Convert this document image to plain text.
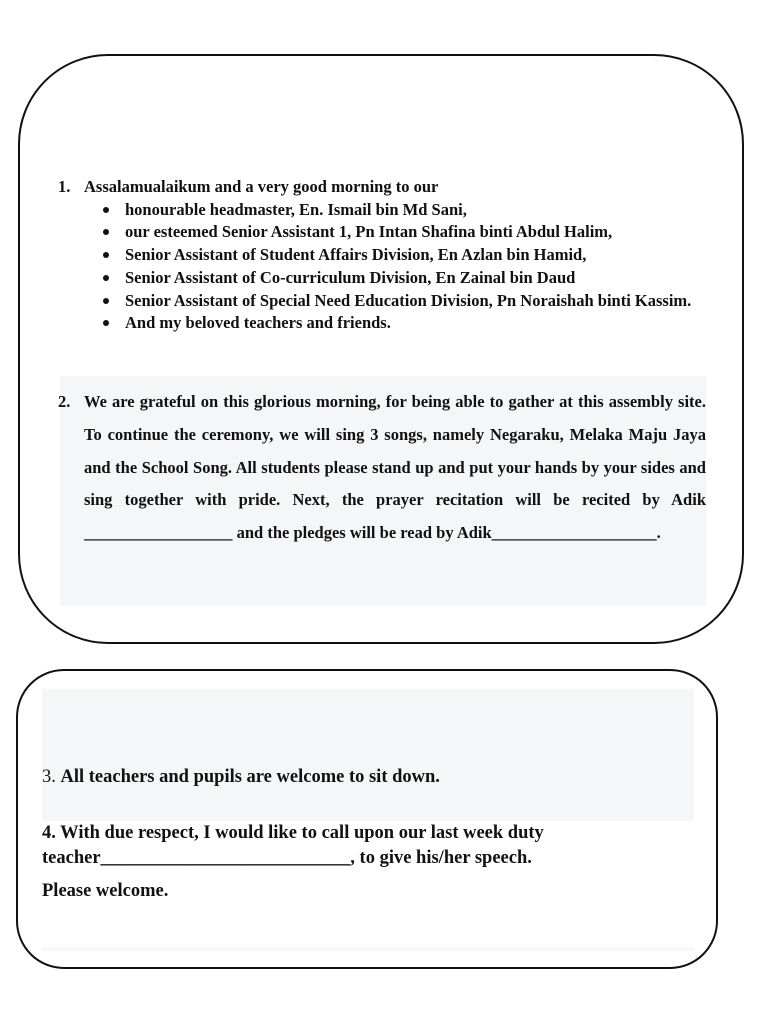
1. Assalamualaikum and a very good morning to our
honourable headmaster, En. Ismail bin Md Sani,
our esteemed Senior Assistant 1, Pn Intan Shafina binti Abdul Halim,
Senior Assistant of Student Affairs Division, En Azlan bin Hamid,
Senior Assistant of Co-curriculum Division, En Zainal bin Daud
Senior Assistant of Special Need Education Division, Pn Noraishah binti Kassim.
And my beloved teachers and friends.
2. We are grateful on this glorious morning, for being able to gather at this assembly site. To continue the ceremony, we will sing 3 songs, namely Negaraku, Melaka Maju Jaya and the School Song. All students please stand up and put your hands by your sides and sing together with pride. Next, the prayer recitation will be recited by Adik __________________ and the pledges will be read by Adik____________________.
3. All teachers and pupils are welcome to sit down.
4. With due respect, I would like to call upon our last week duty teacher___________________________, to give his/her speech.
Please welcome.
